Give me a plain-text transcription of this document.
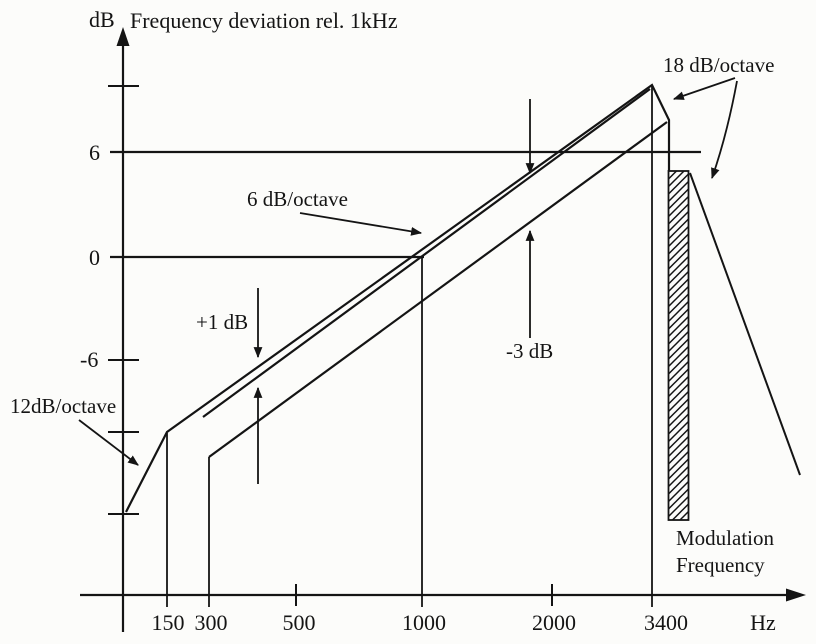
dB Frequency deviation rel. 1kHz
6
0
-6
18 dB/octave
6 dB/octave
+1 dB
-3 dB
12dB/octave
Modulation
Frequency
150 300	500	1000	2000	3400	Hz
